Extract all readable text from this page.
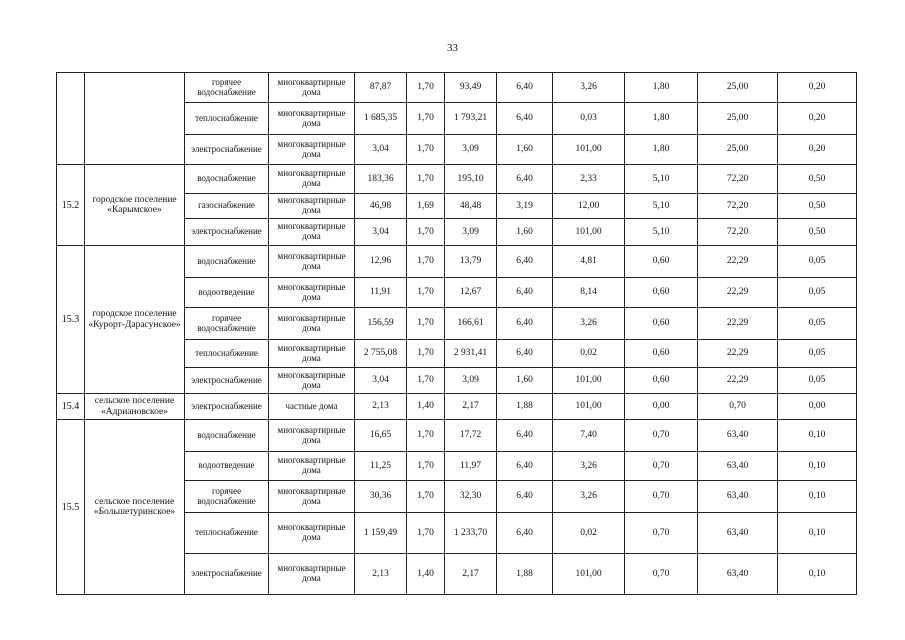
33
		горячее водоснабжение	многоквартирные дома	87,87	1,70	93,49	6,40	3,26	1,80	25,00	0,20
		теплоснабжение	многоквартирные дома	1 685,35	1,70	1 793,21	6,40	0,03	1,80	25,00	0,20
		электроснабжение	многоквартирные дома	3,04	1,70	3,09	1,60	101,00	1,80	25,00	0,20
15.2	городское поселение «Карымское»	водоснабжение	многоквартирные дома	183,36	1,70	195,10	6,40	2,33	5,10	72,20	0,50
		газоснабжение	многоквартирные дома	46,98	1,69	48,48	3,19	12,00	5,10	72,20	0,50
		электроснабжение	многоквартирные дома	3,04	1,70	3,09	1,60	101,00	5,10	72,20	0,50
15.3	городское поселение «Курорт-Дарасунское»	водоснабжение	многоквартирные дома	12,96	1,70	13,79	6,40	4,81	0,60	22,29	0,05
		водоотведение	многоквартирные дома	11,91	1,70	12,67	6,40	8,14	0,60	22,29	0,05
		горячее водоснабжение	многоквартирные дома	156,59	1,70	166,61	6,40	3,26	0,60	22,29	0,05
		теплоснабжение	многоквартирные дома	2 755,08	1,70	2 931,41	6,40	0,02	0,60	22,29	0,05
		электроснабжение	многоквартирные дома	3,04	1,70	3,09	1,60	101,00	0,60	22,29	0,05
15.4	сельское поселение «Адриановское»	электроснабжение	частные дома	2,13	1,40	2,17	1,88	101,00	0,00	0,70	0,00
15.5	сельское поселение «Большетуринское»	водоснабжение	многоквартирные дома	16,65	1,70	17,72	6,40	7,40	0,70	63,40	0,10
		водоотведение	многоквартирные дома	11,25	1,70	11,97	6,40	3,26	0,70	63,40	0,10
		горячее водоснабжение	многоквартирные дома	30,36	1,70	32,30	6,40	3,26	0,70	63,40	0,10
		теплоснабжение	многоквартирные дома	1 159,49	1,70	1 233,70	6,40	0,02	0,70	63,40	0,10
		электроснабжение	многоквартирные дома	2,13	1,40	2,17	1,88	101,00	0,70	63,40	0,10
